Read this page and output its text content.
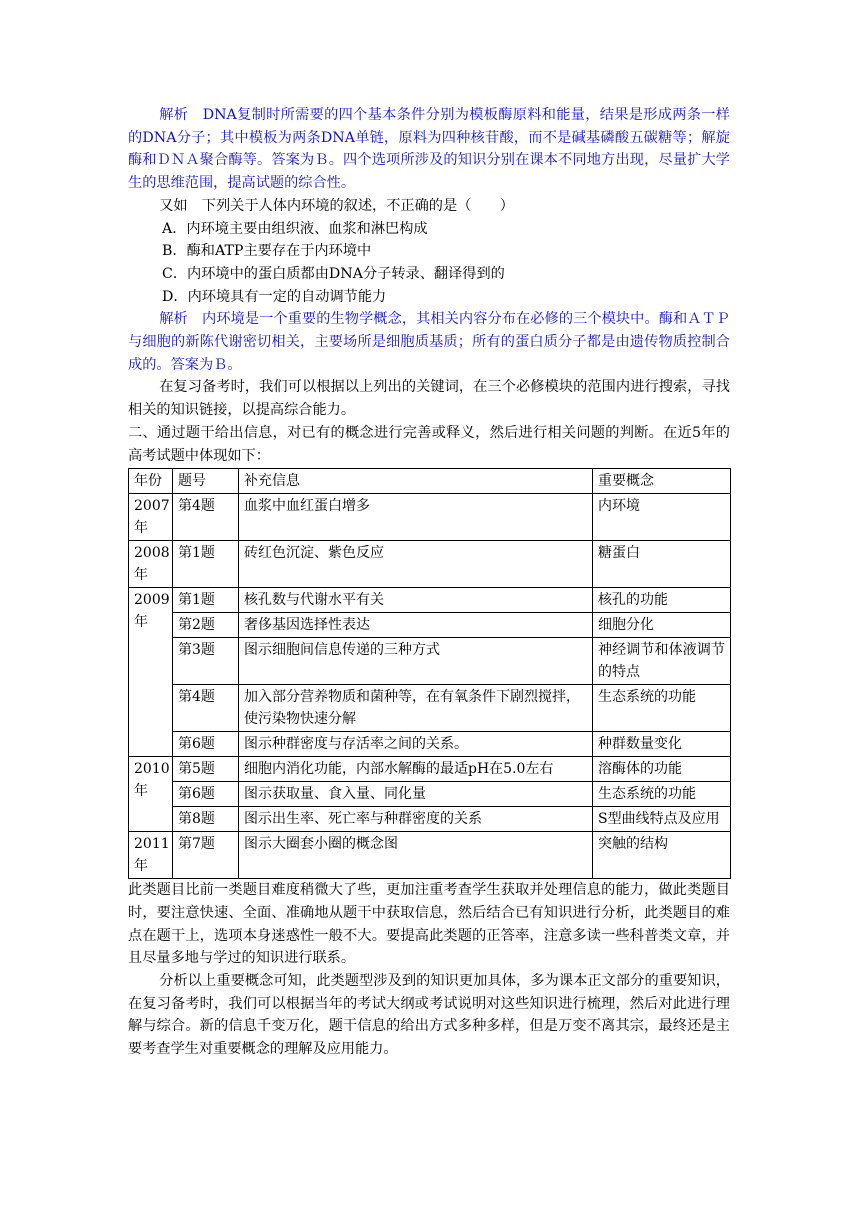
解析　DNA复制时所需要的四个基本条件分别为模板酶原料和能量，结果是形成两条一样的DNA分子；其中模板为两条DNA单链，原料为四种核苷酸，而不是碱基磷酸五碳糖等；解旋酶和ＤＮＡ聚合酶等。答案为Ｂ。四个选项所涉及的知识分别在课本不同地方出现，尽量扩大学生的思维范围，提高试题的综合性。

又如　下列关于人体内环境的叙述，不正确的是（　　）

A．内环境主要由组织液、血浆和淋巴构成

B．酶和ATP主要存在于内环境中

C．内环境中的蛋白质都由DNA分子转录、翻译得到的

D．内环境具有一定的自动调节能力

解析　内环境是一个重要的生物学概念，其相关内容分布在必修的三个模块中。酶和ＡＴＰ与细胞的新陈代谢密切相关，主要场所是细胞质基质；所有的蛋白质分子都是由遗传物质控制合成的。答案为Ｂ。

在复习备考时，我们可以根据以上列出的关键词，在三个必修模块的范围内进行搜索，寻找相关的知识链接，以提高综合能力。

二、通过题干给出信息，对已有的概念进行完善或释义，然后进行相关问题的判断。在近5年的高考试题中体现如下：

年份	题号	补充信息	重要概念
2007年	第4题	血浆中血红蛋白增多	内环境
2008年	第1题	砖红色沉淀、紫色反应	糖蛋白
2009年	第1题	核孔数与代谢水平有关	核孔的功能
	第2题	奢侈基因选择性表达	细胞分化
	第3题	图示细胞间信息传递的三种方式	神经调节和体液调节的特点
	第4题	加入部分营养物质和菌种等，在有氧条件下剧烈搅拌，使污染物快速分解	生态系统的功能
	第6题	图示种群密度与存活率之间的关系。	种群数量变化
2010年	第5题	细胞内消化功能，内部水解酶的最适pH在5.0左右	溶酶体的功能
	第6题	图示获取量、食入量、同化量	生态系统的功能
	第8题	图示出生率、死亡率与种群密度的关系	S型曲线特点及应用
2011年	第7题	图示大圈套小圈的概念图	突触的结构

此类题目比前一类题目难度稍微大了些，更加注重考查学生获取并处理信息的能力，做此类题目时，要注意快速、全面、准确地从题干中获取信息，然后结合已有知识进行分析，此类题目的难点在题干上，选项本身迷惑性一般不大。要提高此类题的正答率，注意多读一些科普类文章，并且尽量多地与学过的知识进行联系。

分析以上重要概念可知，此类题型涉及到的知识更加具体，多为课本正文部分的重要知识，在复习备考时，我们可以根据当年的考试大纲或考试说明对这些知识进行梳理，然后对此进行理解与综合。新的信息千变万化，题干信息的给出方式多种多样，但是万变不离其宗，最终还是主要考查学生对重要概念的理解及应用能力。
